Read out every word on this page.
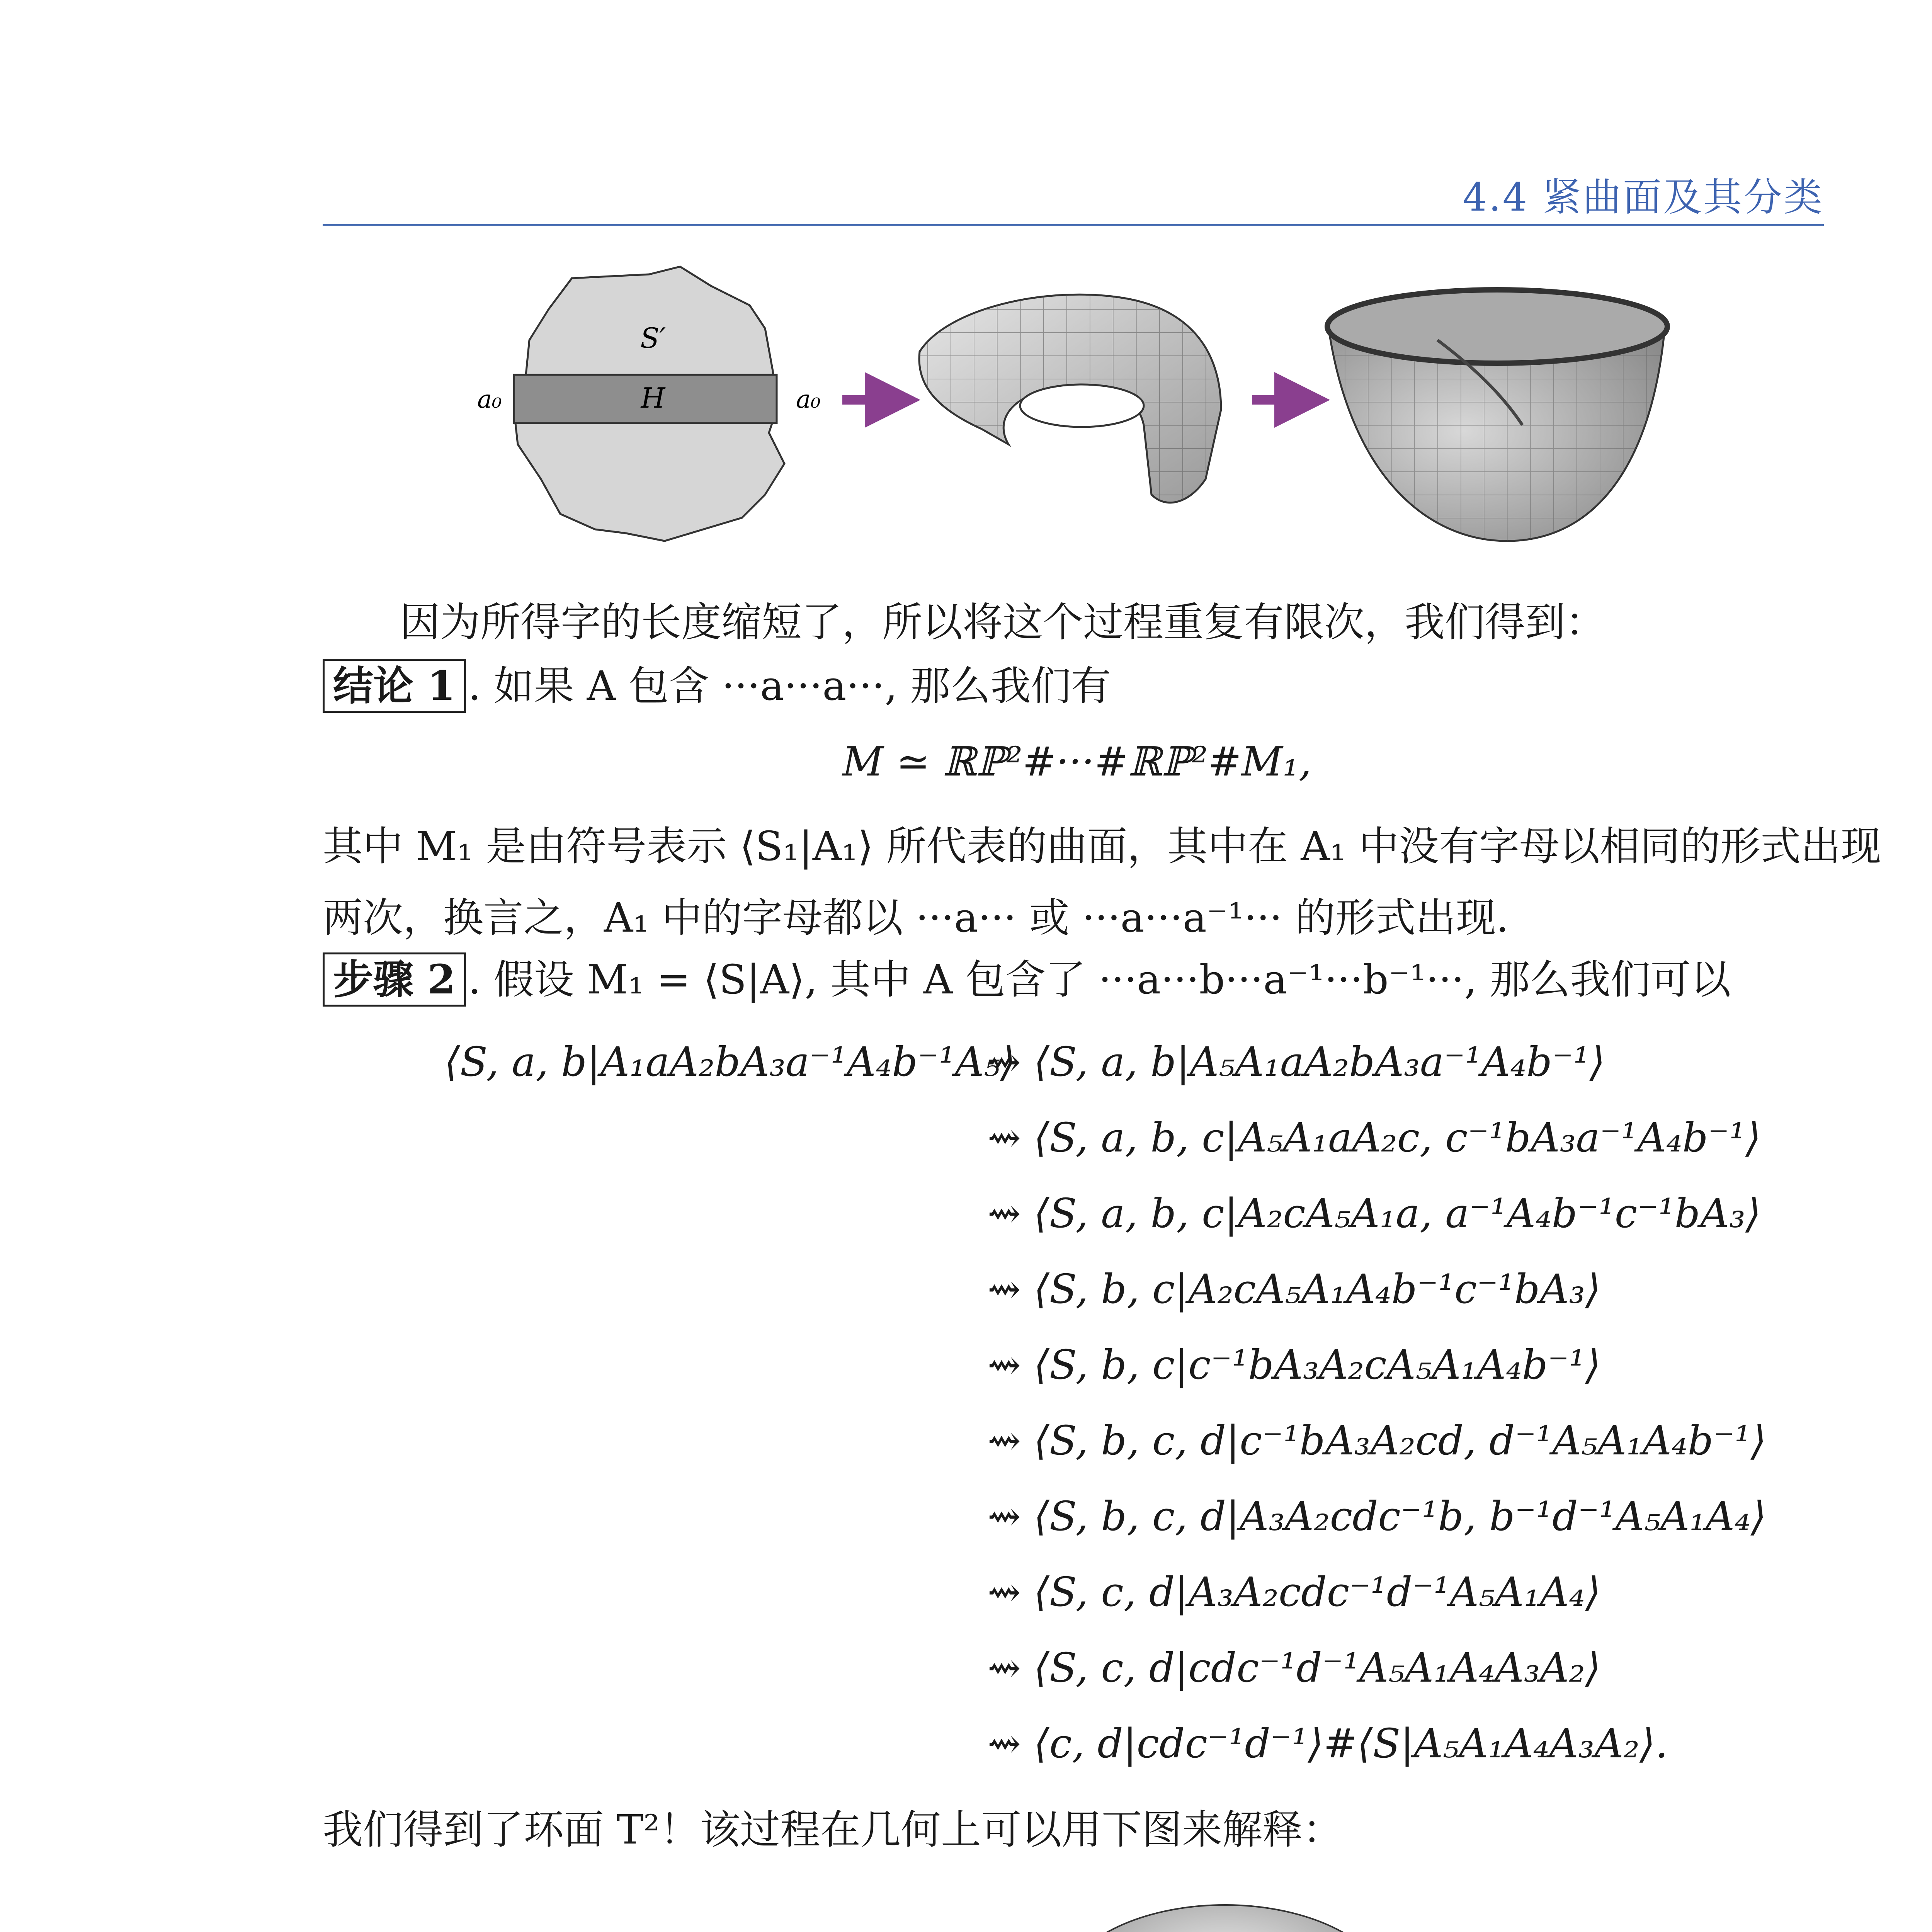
4.4 紧曲面及其分类
S′
H
a₀	a₀
因为所得字的长度缩短了，所以将这个过程重复有限次，我们得到：
结论 1 . 如果 A 包含 ···a···a···, 那么我们有
M ≃ ℝℙ²#···#ℝℙ²#M₁,
其中 M₁ 是由符号表示 ⟨S₁|A₁⟩ 所代表的曲面，其中在 A₁ 中没有字母以相同的形式出现
两次，换言之，A₁ 中的字母都以 ···a··· 或 ···a···a⁻¹··· 的形式出现.
步骤 2 . 假设 M₁ = ⟨S|A⟩, 其中 A 包含了 ···a···b···a⁻¹···b⁻¹···, 那么我们可以
⟨S, a, b|A₁aA₂bA₃a⁻¹A₄b⁻¹A₅⟩
⇝ ⟨S, a, b|A₅A₁aA₂bA₃a⁻¹A₄b⁻¹⟩
⇝ ⟨S, a, b, c|A₅A₁aA₂c, c⁻¹bA₃a⁻¹A₄b⁻¹⟩
⇝ ⟨S, a, b, c|A₂cA₅A₁a, a⁻¹A₄b⁻¹c⁻¹bA₃⟩
⇝ ⟨S, b, c|A₂cA₅A₁A₄b⁻¹c⁻¹bA₃⟩
⇝ ⟨S, b, c|c⁻¹bA₃A₂cA₅A₁A₄b⁻¹⟩
⇝ ⟨S, b, c, d|c⁻¹bA₃A₂cd, d⁻¹A₅A₁A₄b⁻¹⟩
⇝ ⟨S, b, c, d|A₃A₂cdc⁻¹b, b⁻¹d⁻¹A₅A₁A₄⟩
⇝ ⟨S, c, d|A₃A₂cdc⁻¹d⁻¹A₅A₁A₄⟩
⇝ ⟨S, c, d|cdc⁻¹d⁻¹A₅A₁A₄A₃A₂⟩
⇝ ⟨c, d|cdc⁻¹d⁻¹⟩#⟨S|A₅A₁A₄A₃A₂⟩.
我们得到了环面 T²！该过程在几何上可以用下图来解释：
